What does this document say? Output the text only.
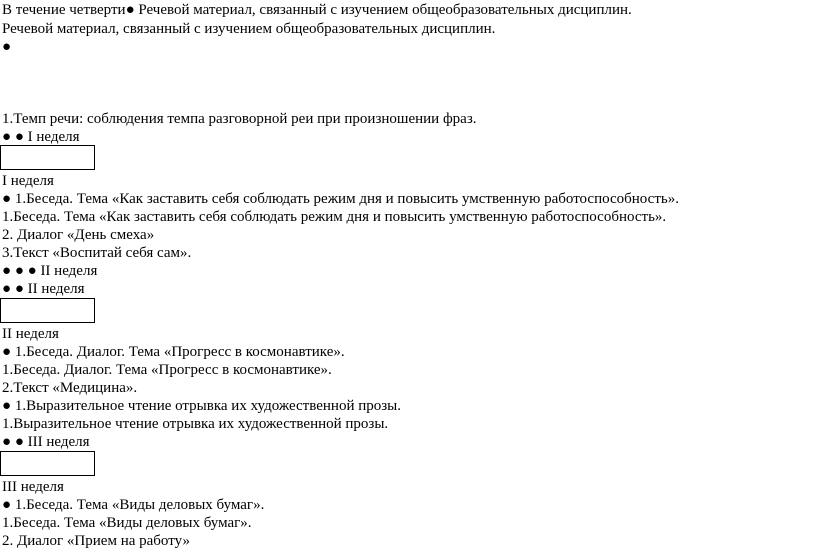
В течение четверти● Речевой материал, связанный с изучением общеобразовательных дисциплин.
Речевой материал, связанный с изучением общеобразовательных дисциплин.
●
1.Темп речи: соблюдения темпа разговорной реи при произношении фраз.
● ● I неделя
I неделя
● 1.Беседа. Тема «Как заставить себя соблюдать режим дня и повысить умственную работоспособность».
1.Беседа. Тема «Как заставить себя соблюдать режим дня и повысить умственную работоспособность».
2. Диалог «День смеха»
3.Текст «Воспитай себя сам».
● ● ● II неделя
● ● II неделя
II неделя
● 1.Беседа. Диалог. Тема «Прогресс в космонавтике».
1.Беседа. Диалог. Тема «Прогресс в космонавтике».
2.Текст «Медицина».
● 1.Выразительное чтение отрывка их художественной прозы.
1.Выразительное чтение отрывка их художественной прозы.
● ● III неделя
III неделя
● 1.Беседа. Тема «Виды деловых бумаг».
1.Беседа. Тема «Виды деловых бумаг».
2. Диалог «Прием на работу»
